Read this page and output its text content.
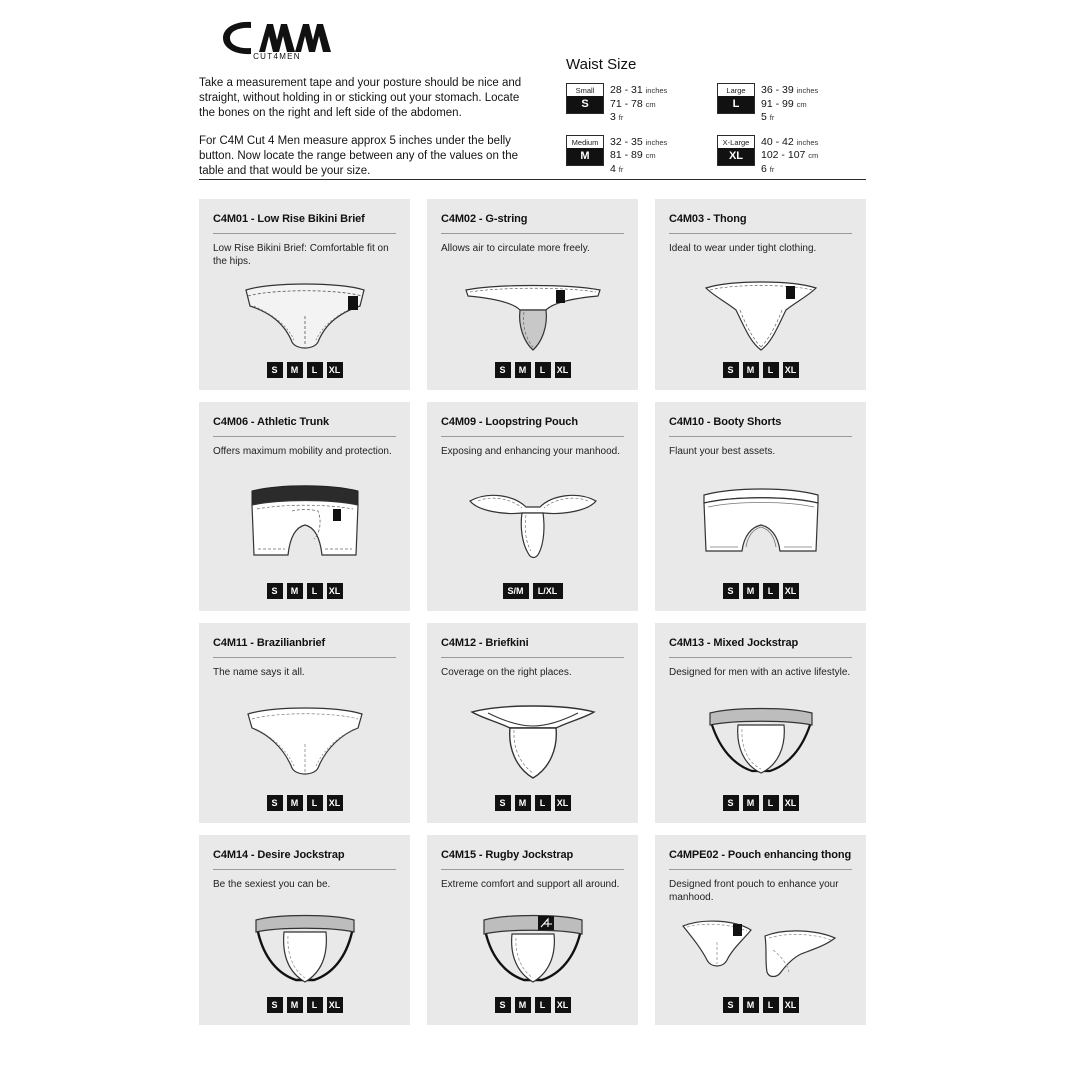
CUT4MEN

Take a measurement tape and your posture should be nice and straight, without holding in or sticking out your stomach. Locate the bones on the right and left side of the abdomen.

For C4M Cut 4 Men measure approx 5 inches under the belly button. Now locate the range between any of the values on the table and that would be your size.

Waist Size
Small
S
28 - 31 inches
71 - 78 cm
3 fr
Large
L
36 - 39 inches
91 - 99 cm
5 fr
Medium
M
32 - 35 inches
81 - 89 cm
4 fr
X-Large
XL
40 - 42 inches
102 - 107 cm
6 fr
C4M01 - Low Rise Bikini Brief
Low Rise Bikini Brief: Comfortable fit on the hips.
S	M	L	XL
C4M02 - G-string
Allows air to circulate more freely.
S	M	L	XL
C4M03 - Thong
Ideal to wear under tight clothing.
S	M	L	XL
C4M06 - Athletic Trunk
Offers maximum mobility and protection.
S	M	L	XL
C4M09 - Loopstring Pouch
Exposing and enhancing your manhood.
S/M	L/XL
C4M10 - Booty Shorts
Flaunt your best assets.
S	M	L	XL
C4M11 - Brazilianbrief
The name says it all.
S	M	L	XL
C4M12 - Briefkini
Coverage on the right places.
S	M	L	XL
C4M13 - Mixed Jockstrap
Designed for men with an active lifestyle.
S	M	L	XL
C4M14 - Desire Jockstrap
Be the sexiest you can be.
S	M	L	XL
C4M15 - Rugby Jockstrap
Extreme comfort and support all around.
S	M	L	XL
C4MPE02 - Pouch enhancing thong
Designed front pouch to enhance your manhood.
S	M	L	XL
